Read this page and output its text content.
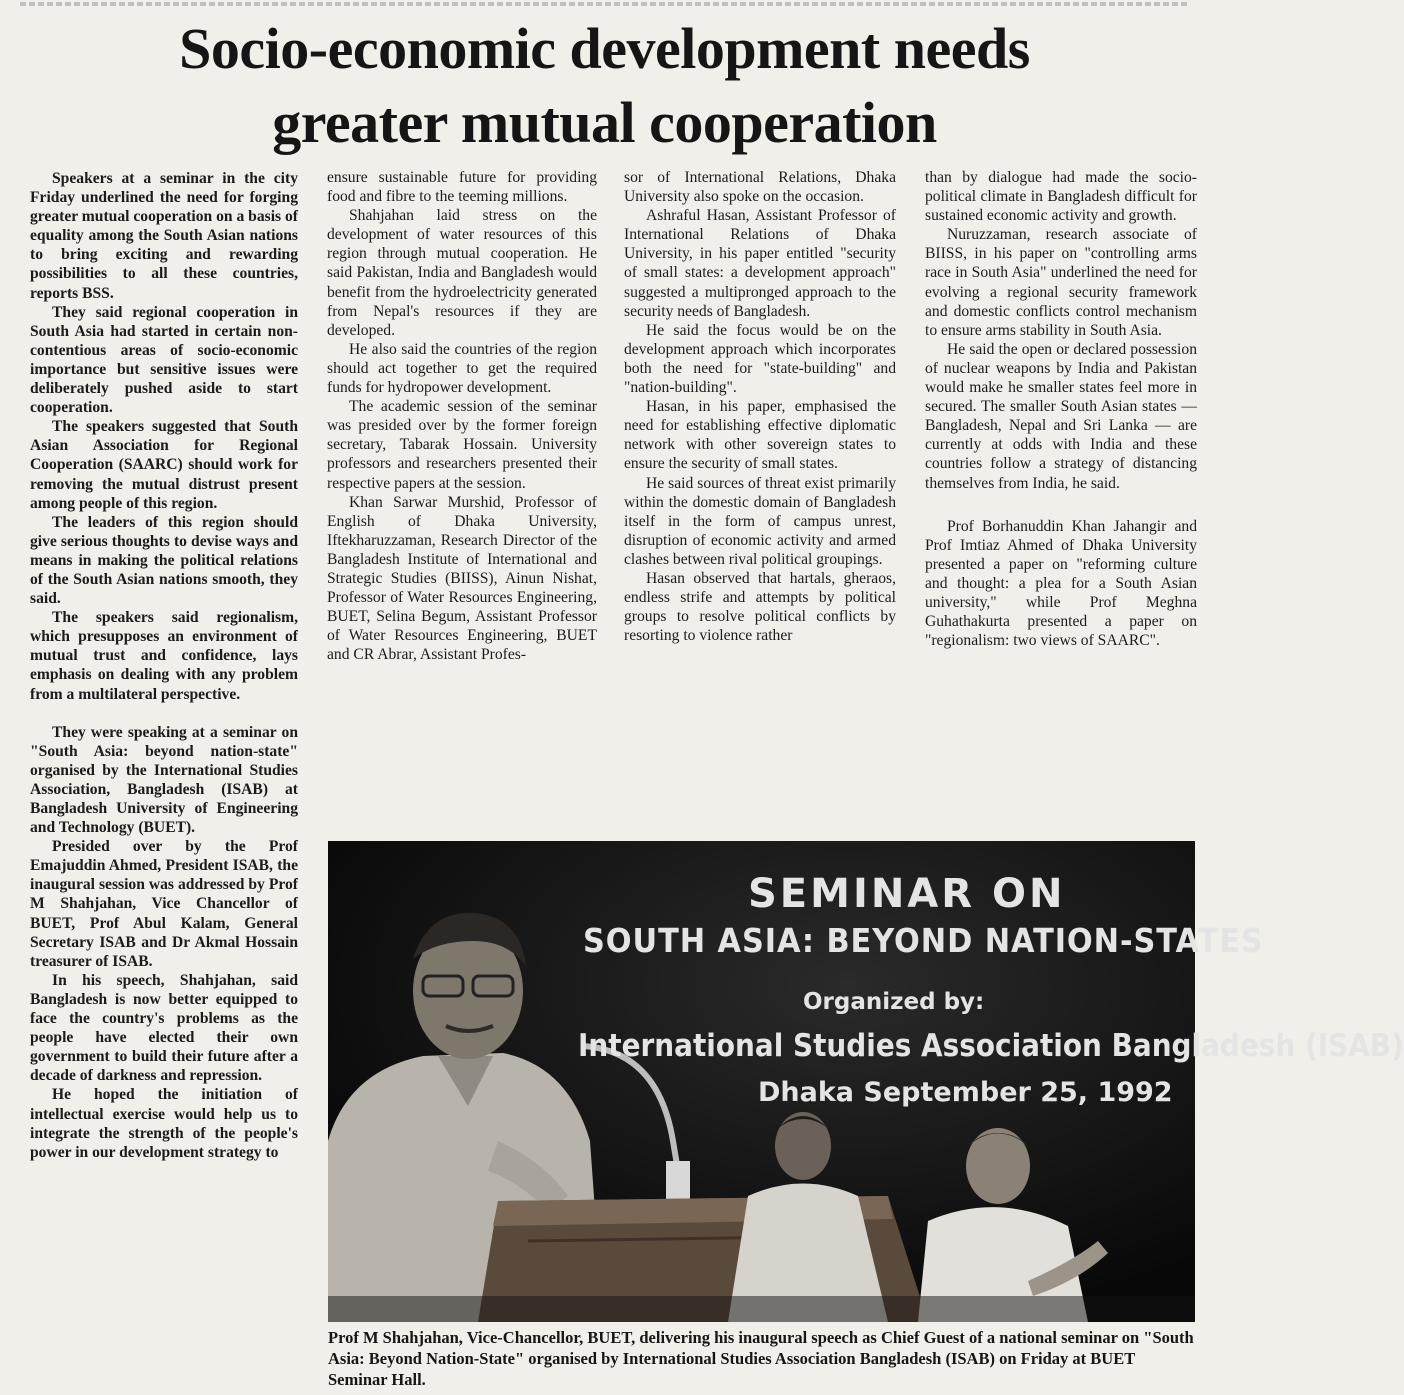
Socio-economic development needs
greater mutual cooperation

Speakers at a seminar in the city Friday underlined the need for forging greater mutual cooperation on a basis of equality among the South Asian nations to bring exciting and rewarding possibilities to all these countries, reports BSS.

They said regional cooperation in South Asia had started in certain non-contentious areas of socio-economic importance but sensitive issues were deliberately pushed aside to start cooperation.

The speakers suggested that South Asian Association for Regional Cooperation (SAARC) should work for removing the mutual distrust present among people of this region.

The leaders of this region should give serious thoughts to devise ways and means in making the political relations of the South Asian nations smooth, they said.

The speakers said regionalism, which presupposes an environment of mutual trust and confidence, lays emphasis on dealing with any problem from a multilateral perspective.

They were speaking at a seminar on "South Asia: beyond nation-state" organised by the International Studies Association, Bangladesh (ISAB) at Bangladesh University of Engineering and Technology (BUET).

Presided over by the Prof Emajuddin Ahmed, President ISAB, the inaugural session was addressed by Prof M Shahjahan, Vice Chancellor of BUET, Prof Abul Kalam, General Secretary ISAB and Dr Akmal Hossain treasurer of ISAB.

In his speech, Shahjahan, said Bangladesh is now better equipped to face the country's problems as the people have elected their own government to build their future after a decade of darkness and repression.

He hoped the initiation of intellectual exercise would help us to integrate the strength of the people's power in our development strategy to

ensure sustainable future for providing food and fibre to the teeming millions.

Shahjahan laid stress on the development of water resources of this region through mutual cooperation. He said Pakistan, India and Bangladesh would benefit from the hydroelectricity generated from Nepal's resources if they are developed.

He also said the countries of the region should act together to get the required funds for hydropower development.

The academic session of the seminar was presided over by the former foreign secretary, Tabarak Hossain. University professors and researchers presented their respective papers at the session.

Khan Sarwar Murshid, Professor of English of Dhaka University, Iftekharuzzaman, Research Director of the Bangladesh Institute of International and Strategic Studies (BIISS), Ainun Nishat, Professor of Water Resources Engineering, BUET, Selina Begum, Assistant Professor of Water Resources Engineering, BUET and CR Abrar, Assistant Profes-

sor of International Relations, Dhaka University also spoke on the occasion.

Ashraful Hasan, Assistant Professor of International Relations of Dhaka University, in his paper entitled "security of small states: a development approach" suggested a multipronged approach to the security needs of Bangladesh.

He said the focus would be on the development approach which incorporates both the need for "state-building" and "nation-building".

Hasan, in his paper, emphasised the need for establishing effective diplomatic network with other sovereign states to ensure the security of small states.

He said sources of threat exist primarily within the domestic domain of Bangladesh itself in the form of campus unrest, disruption of economic activity and armed clashes between rival political groupings.

Hasan observed that hartals, gheraos, endless strife and attempts by political groups to resolve political conflicts by resorting to violence rather

than by dialogue had made the socio-political climate in Bangladesh difficult for sustained economic activity and growth.

Nuruzzaman, research associate of BIISS, in his paper on "controlling arms race in South Asia" underlined the need for evolving a regional security framework and domestic conflicts control mechanism to ensure arms stability in South Asia.

He said the open or declared possession of nuclear weapons by India and Pakistan would make he smaller states feel more in secured. The smaller South Asian states — Bangladesh, Nepal and Sri Lanka — are currently at odds with India and these countries follow a strategy of distancing themselves from India, he said.

Prof Borhanuddin Khan Jahangir and Prof Imtiaz Ahmed of Dhaka University presented a paper on "reforming culture and thought: a plea for a South Asian university," while Prof Meghna Guhathakurta presented a paper on "regionalism: two views of SAARC".

SEMINAR ON
SOUTH ASIA: BEYOND NATION-STATES
Organized by:
International Studies Association Bangladesh (ISAB)
Dhaka September 25, 1992

Prof M Shahjahan, Vice-Chancellor, BUET, delivering his inaugural speech as Chief Guest of a national seminar on "South Asia: Beyond Nation-State" organised by International Studies Association Bangladesh (ISAB) on Friday at BUET Seminar Hall.
